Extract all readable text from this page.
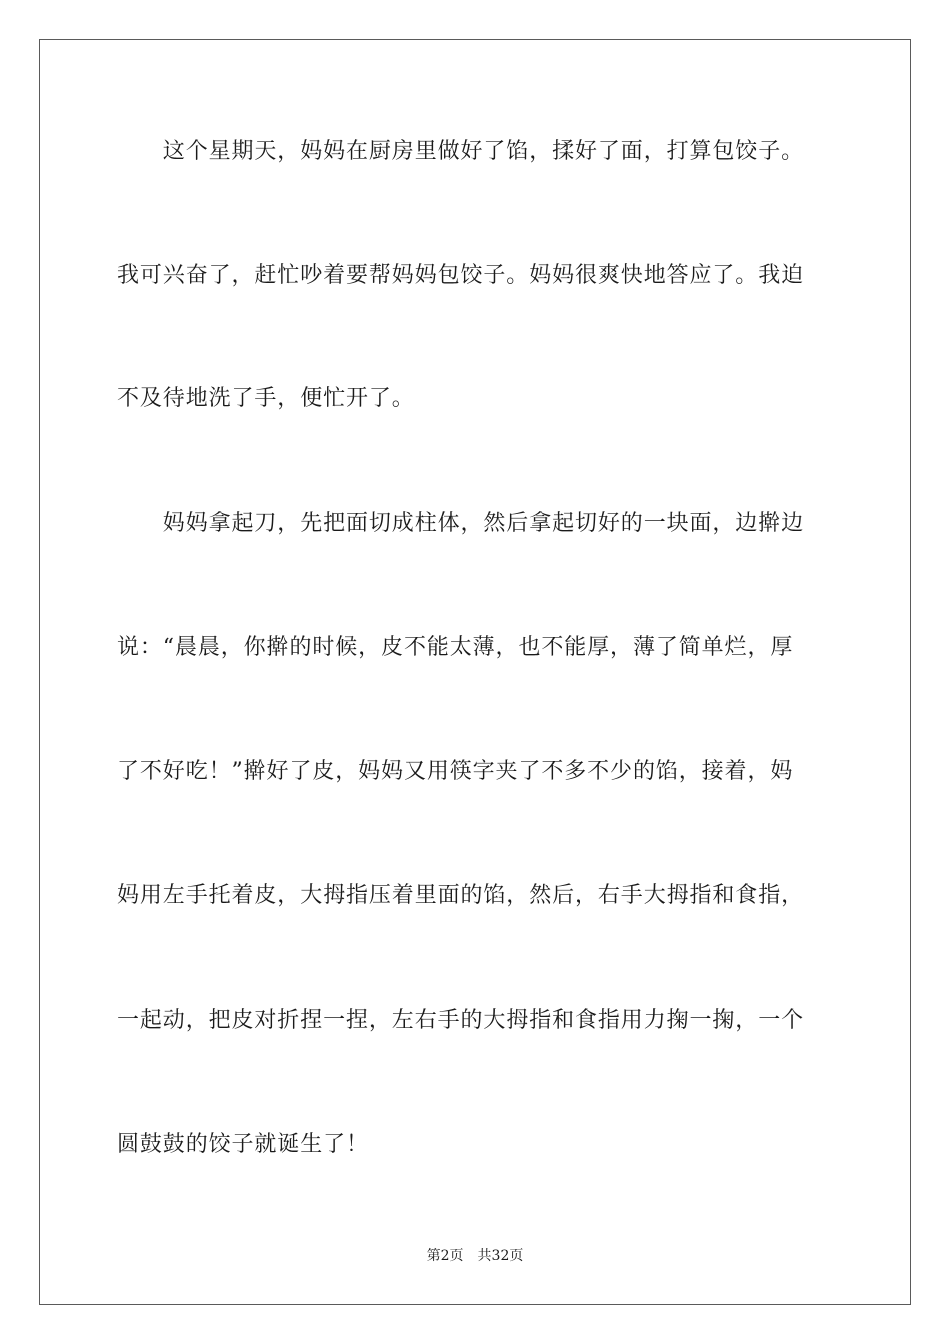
　　这个星期天，妈妈在厨房里做好了馅，揉好了面，打算包饺子。
我可兴奋了，赶忙吵着要帮妈妈包饺子。妈妈很爽快地答应了。我迫
不及待地洗了手，便忙开了。
　　妈妈拿起刀，先把面切成柱体，然后拿起切好的一块面，边擀边
说：“晨晨，你擀的时候，皮不能太薄，也不能厚，薄了简单烂，厚
了不好吃！”擀好了皮，妈妈又用筷字夹了不多不少的馅，接着，妈
妈用左手托着皮，大拇指压着里面的馅，然后，右手大拇指和食指，
一起动，把皮对折捏一捏，左右手的大拇指和食指用力掬一掬，一个
圆鼓鼓的饺子就诞生了！
第2页 共32页
